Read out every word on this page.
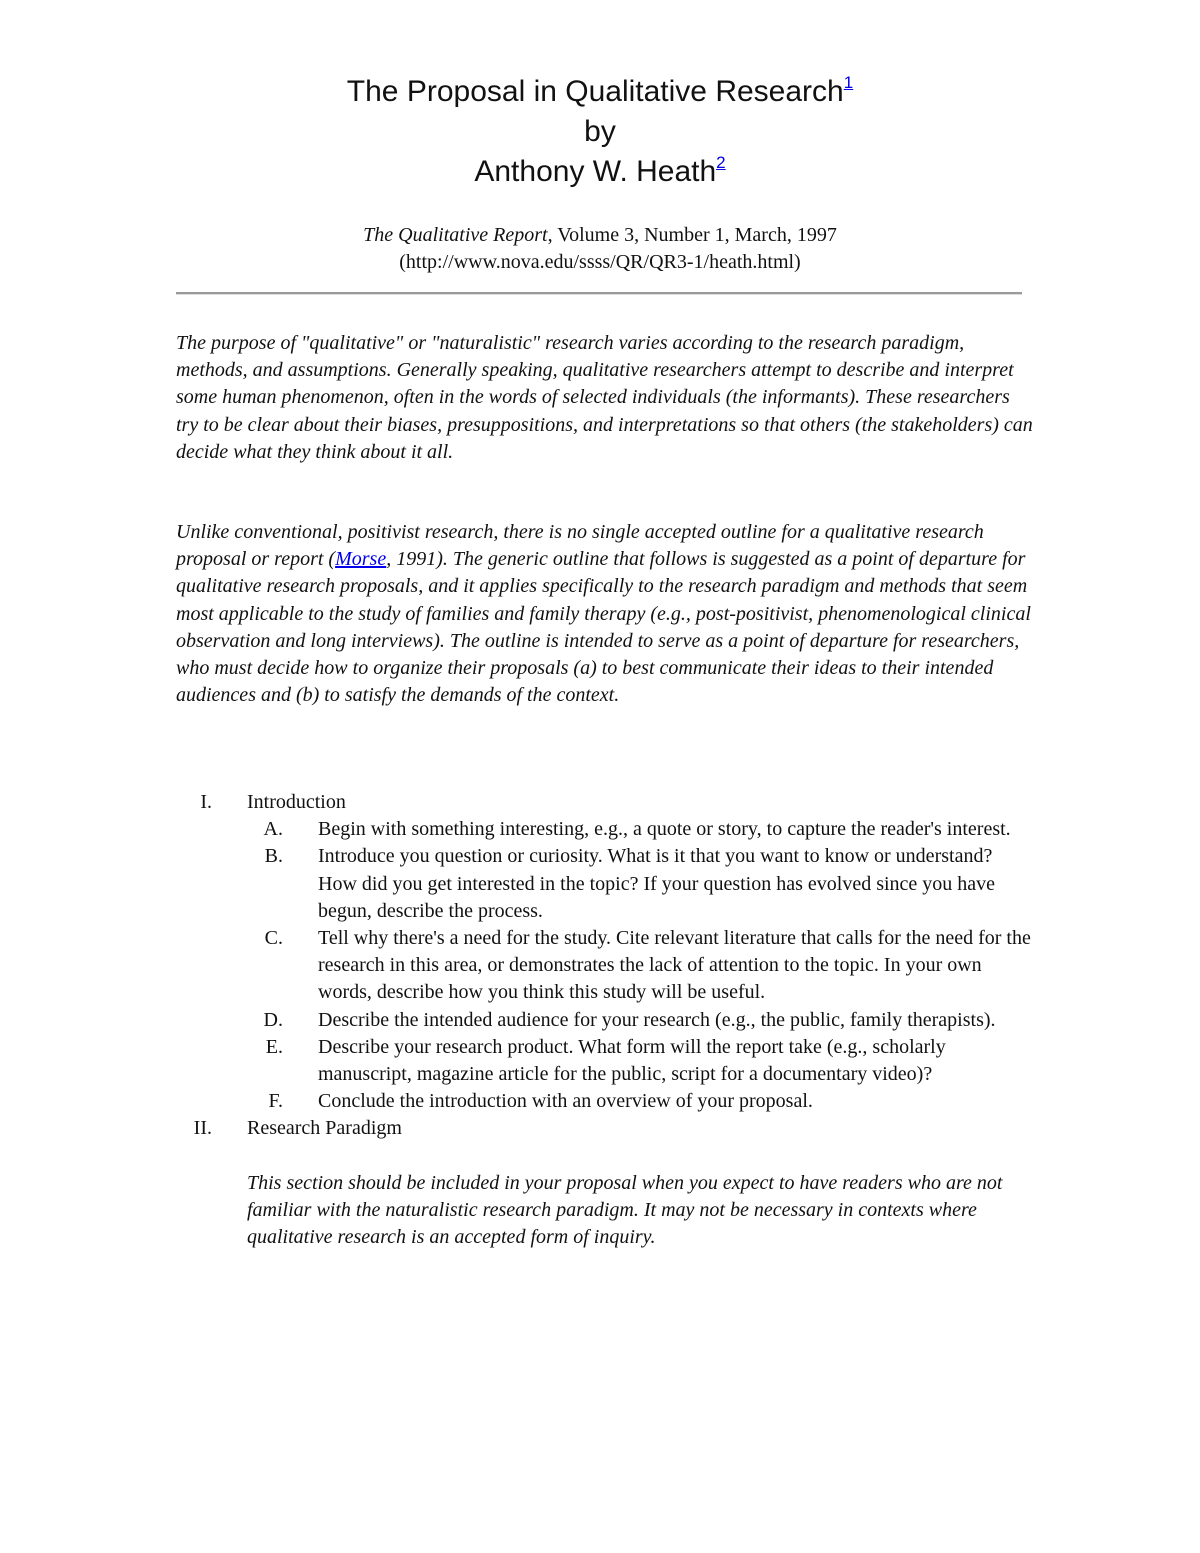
The Proposal in Qualitative Research$^1$
by
Anthony W. Heath$^2$
The Qualitative Report, Volume 3, Number 1, March, 1997
(http://www.nova.edu/ssss/QR/QR3-1/heath.html)

The purpose of "qualitative" or "naturalistic" research varies according to the research paradigm, methods, and assumptions. Generally speaking, qualitative researchers attempt to describe and interpret some human phenomenon, often in the words of selected individuals (the informants). These researchers try to be clear about their biases, presuppositions, and interpretations so that others (the stakeholders) can decide what they think about it all.

Unlike conventional, positivist research, there is no single accepted outline for a qualitative research proposal or report (Morse, 1991). The generic outline that follows is suggested as a point of departure for qualitative research proposals, and it applies specifically to the research paradigm and methods that seem most applicable to the study of families and family therapy (e.g., post-positivist, phenomenological clinical observation and long interviews). The outline is intended to serve as a point of departure for researchers, who must decide how to organize their proposals (a) to best communicate their ideas to their intended audiences and (b) to satisfy the demands of the context.

I. Introduction
A. Begin with something interesting, e.g., a quote or story, to capture the reader's interest.
B. Introduce you question or curiosity. What is it that you want to know or understand? How did you get interested in the topic? If your question has evolved since you have begun, describe the process.
C. Tell why there's a need for the study. Cite relevant literature that calls for the need for the research in this area, or demonstrates the lack of attention to the topic. In your own words, describe how you think this study will be useful.
D. Describe the intended audience for your research (e.g., the public, family therapists).
E. Describe your research product. What form will the report take (e.g., scholarly manuscript, magazine article for the public, script for a documentary video)?
F. Conclude the introduction with an overview of your proposal.
II. Research Paradigm

This section should be included in your proposal when you expect to have readers who are not familiar with the naturalistic research paradigm. It may not be necessary in contexts where qualitative research is an accepted form of inquiry.
